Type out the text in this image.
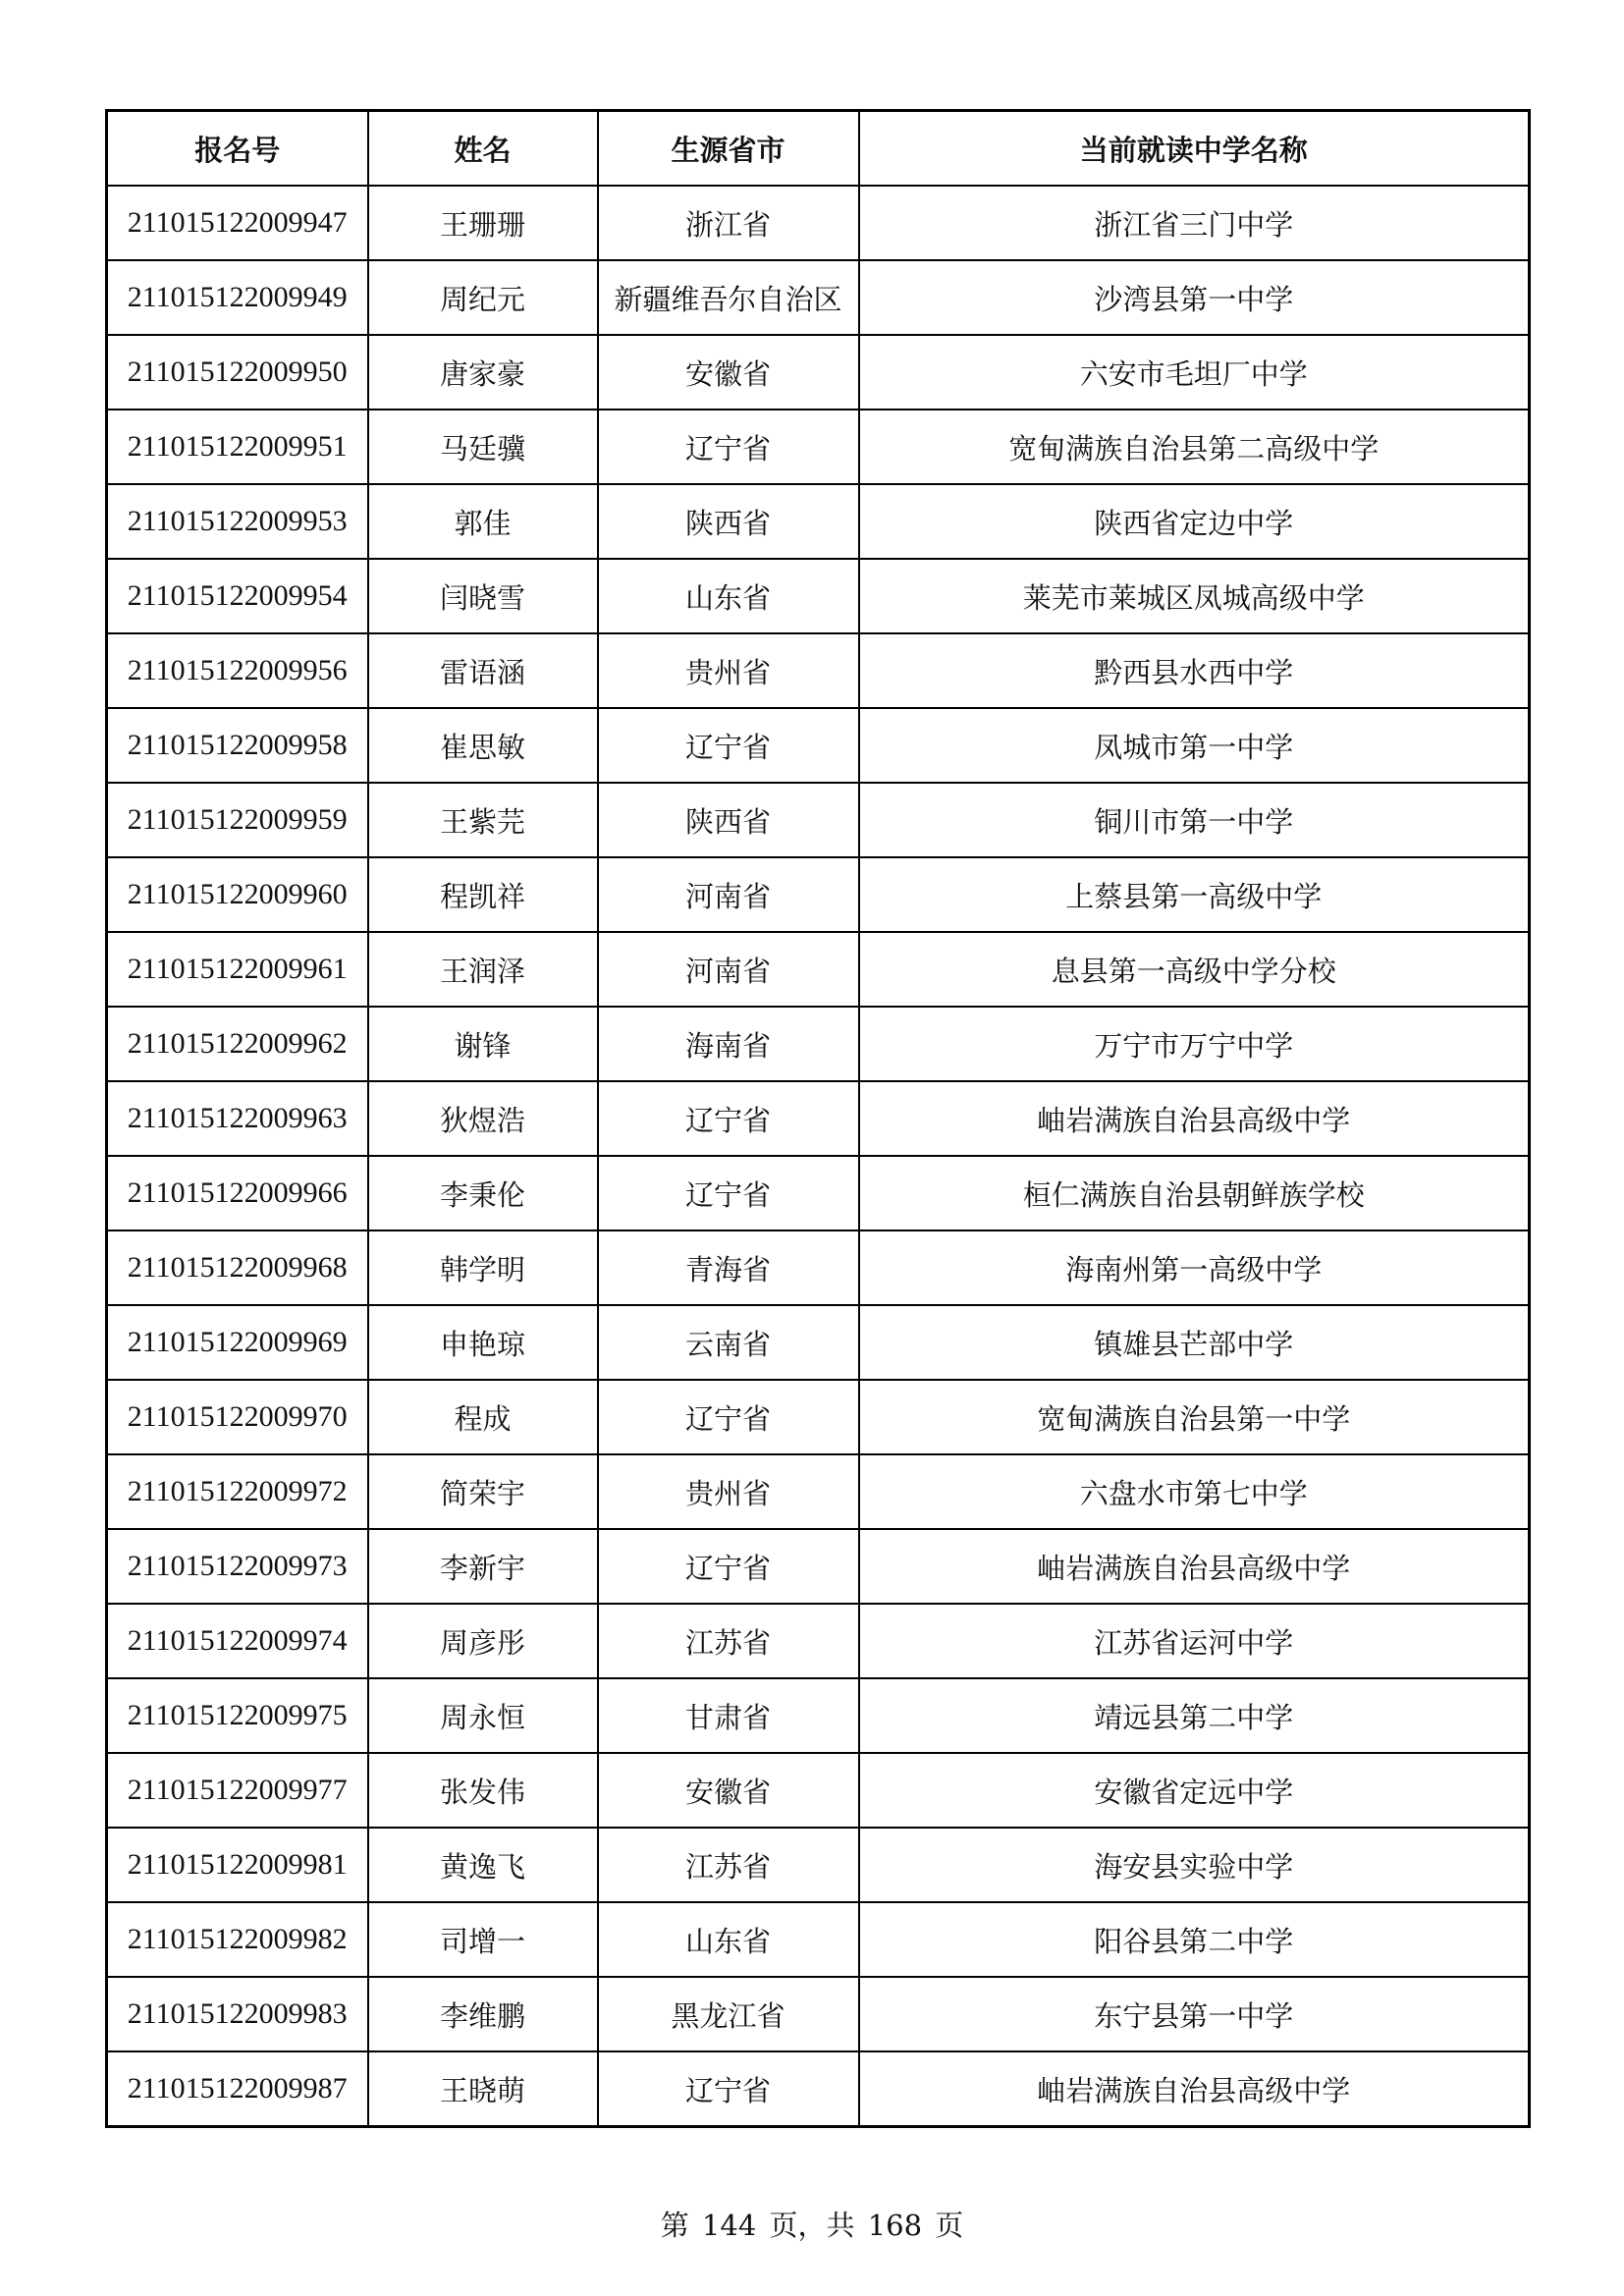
报名号	姓名	生源省市	当前就读中学名称
211015122009947	王珊珊	浙江省	浙江省三门中学
211015122009949	周纪元	新疆维吾尔自治区	沙湾县第一中学
211015122009950	唐家豪	安徽省	六安市毛坦厂中学
211015122009951	马廷骥	辽宁省	宽甸满族自治县第二高级中学
211015122009953	郭佳	陕西省	陕西省定边中学
211015122009954	闫晓雪	山东省	莱芜市莱城区凤城高级中学
211015122009956	雷语涵	贵州省	黔西县水西中学
211015122009958	崔思敏	辽宁省	凤城市第一中学
211015122009959	王紫芫	陕西省	铜川市第一中学
211015122009960	程凯祥	河南省	上蔡县第一高级中学
211015122009961	王润泽	河南省	息县第一高级中学分校
211015122009962	谢锋	海南省	万宁市万宁中学
211015122009963	狄煜浩	辽宁省	岫岩满族自治县高级中学
211015122009966	李秉伦	辽宁省	桓仁满族自治县朝鲜族学校
211015122009968	韩学明	青海省	海南州第一高级中学
211015122009969	申艳琼	云南省	镇雄县芒部中学
211015122009970	程成	辽宁省	宽甸满族自治县第一中学
211015122009972	简荣宇	贵州省	六盘水市第七中学
211015122009973	李新宇	辽宁省	岫岩满族自治县高级中学
211015122009974	周彦彤	江苏省	江苏省运河中学
211015122009975	周永恒	甘肃省	靖远县第二中学
211015122009977	张发伟	安徽省	安徽省定远中学
211015122009981	黄逸飞	江苏省	海安县实验中学
211015122009982	司增一	山东省	阳谷县第二中学
211015122009983	李维鹏	黑龙江省	东宁县第一中学
211015122009987	王晓萌	辽宁省	岫岩满族自治县高级中学
第 144 页，共 168 页
